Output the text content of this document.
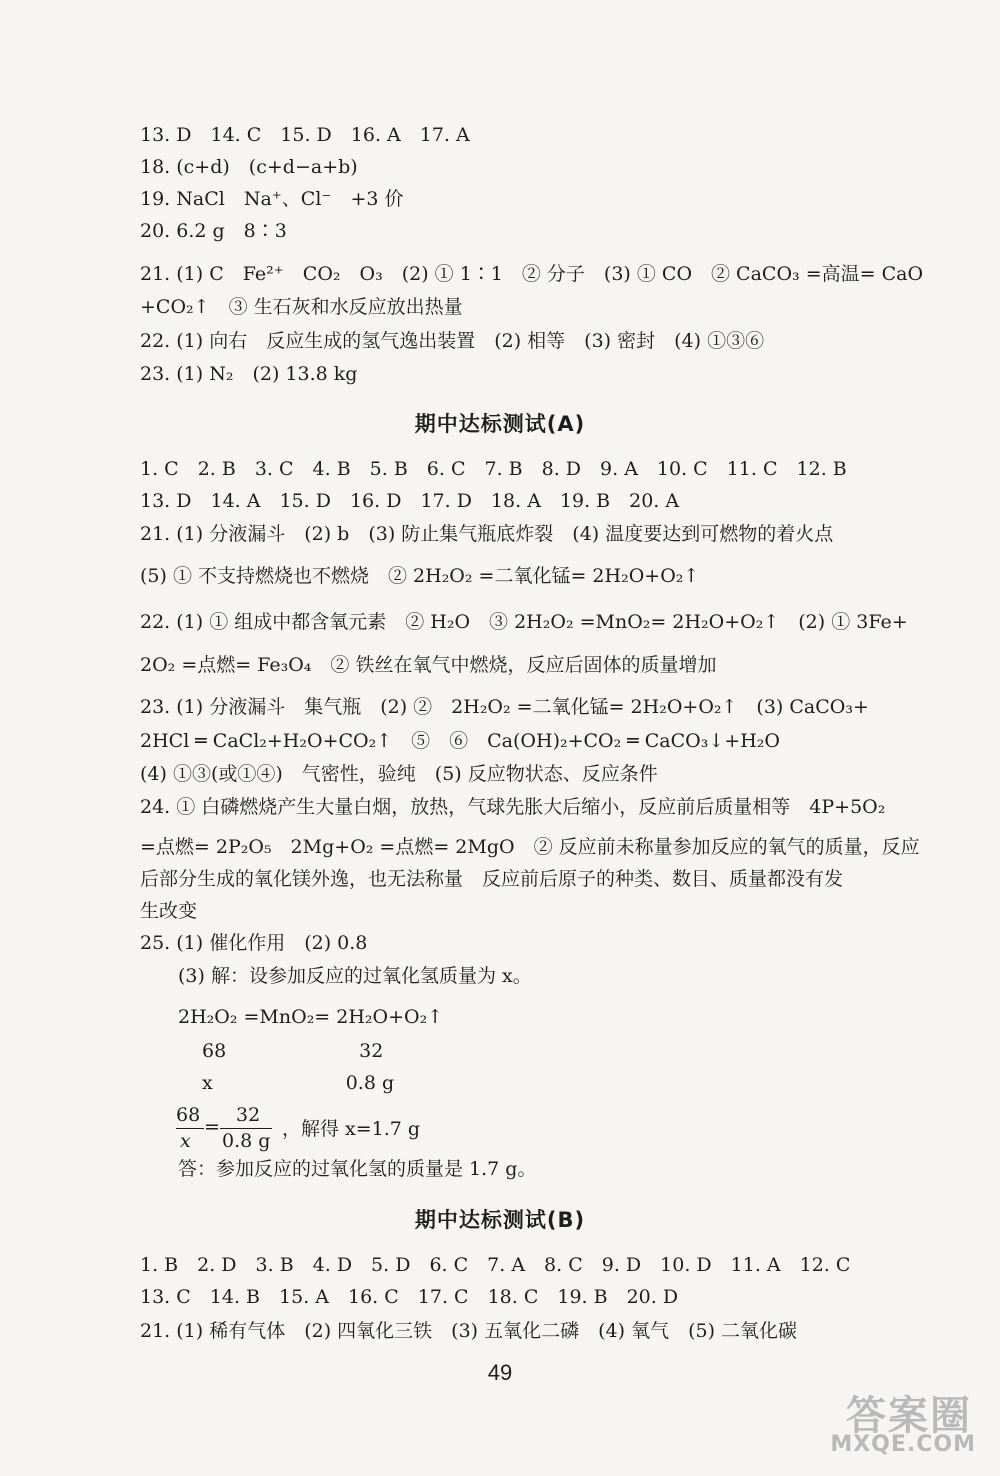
13. D　14. C　15. D　16. A　17. A
18. (c+d)　(c+d−a+b)
19. NaCl　Na⁺、Cl⁻　+3 价
20. 6.2 g　8∶3
21. (1) C　Fe²⁺　CO₂　O₃　(2) ① 1∶1　② 分子　(3) ① CO　② CaCO₃ =高温= CaO
+CO₂↑　③ 生石灰和水反应放出热量
22. (1) 向右　反应生成的氢气逸出装置　(2) 相等　(3) 密封　(4) ①③⑥
23. (1) N₂　(2) 13.8 kg
期中达标测试(A)
1. C　2. B　3. C　4. B　5. B　6. C　7. B　8. D　9. A　10. C　11. C　12. B
13. D　14. A　15. D　16. D　17. D　18. A　19. B　20. A
21. (1) 分液漏斗　(2) b　(3) 防止集气瓶底炸裂　(4) 温度要达到可燃物的着火点
(5) ① 不支持燃烧也不燃烧　② 2H₂O₂ =二氧化锰= 2H₂O+O₂↑
22. (1) ① 组成中都含氧元素　② H₂O　③ 2H₂O₂ =MnO₂= 2H₂O+O₂↑　(2) ① 3Fe+
2O₂ =点燃= Fe₃O₄　② 铁丝在氧气中燃烧，反应后固体的质量增加
23. (1) 分液漏斗　集气瓶　(2) ②　2H₂O₂ =二氧化锰= 2H₂O+O₂↑　(3) CaCO₃+
2HCl ═ CaCl₂+H₂O+CO₂↑　⑤　⑥　Ca(OH)₂+CO₂ ═ CaCO₃↓+H₂O
(4) ①③(或①④)　气密性，验纯　(5) 反应物状态、反应条件
24. ① 白磷燃烧产生大量白烟，放热，气球先胀大后缩小，反应前后质量相等　4P+5O₂
=点燃= 2P₂O₅　2Mg+O₂ =点燃= 2MgO　② 反应前未称量参加反应的氧气的质量，反应
后部分生成的氧化镁外逸，也无法称量　反应前后原子的种类、数目、质量都没有发
生改变
25. (1) 催化作用　(2) 0.8
(3) 解：设参加反应的过氧化氢质量为 x。
2H₂O₂ =MnO₂= 2H₂O+O₂↑
68　　　　　　　32
x　　　　　　　0.8 g
68
x
=
32
0.8 g
，解得 x=1.7 g
答：参加反应的过氧化氢的质量是 1.7 g。
期中达标测试(B)
1. B　2. D　3. B　4. D　5. D　6. C　7. A　8. C　9. D　10. D　11. A　12. C
13. C　14. B　15. A　16. C　17. C　18. C　19. B　20. D
21. (1) 稀有气体　(2) 四氧化三铁　(3) 五氧化二磷　(4) 氧气　(5) 二氧化碳
49
答案圈
MXQE.COM
